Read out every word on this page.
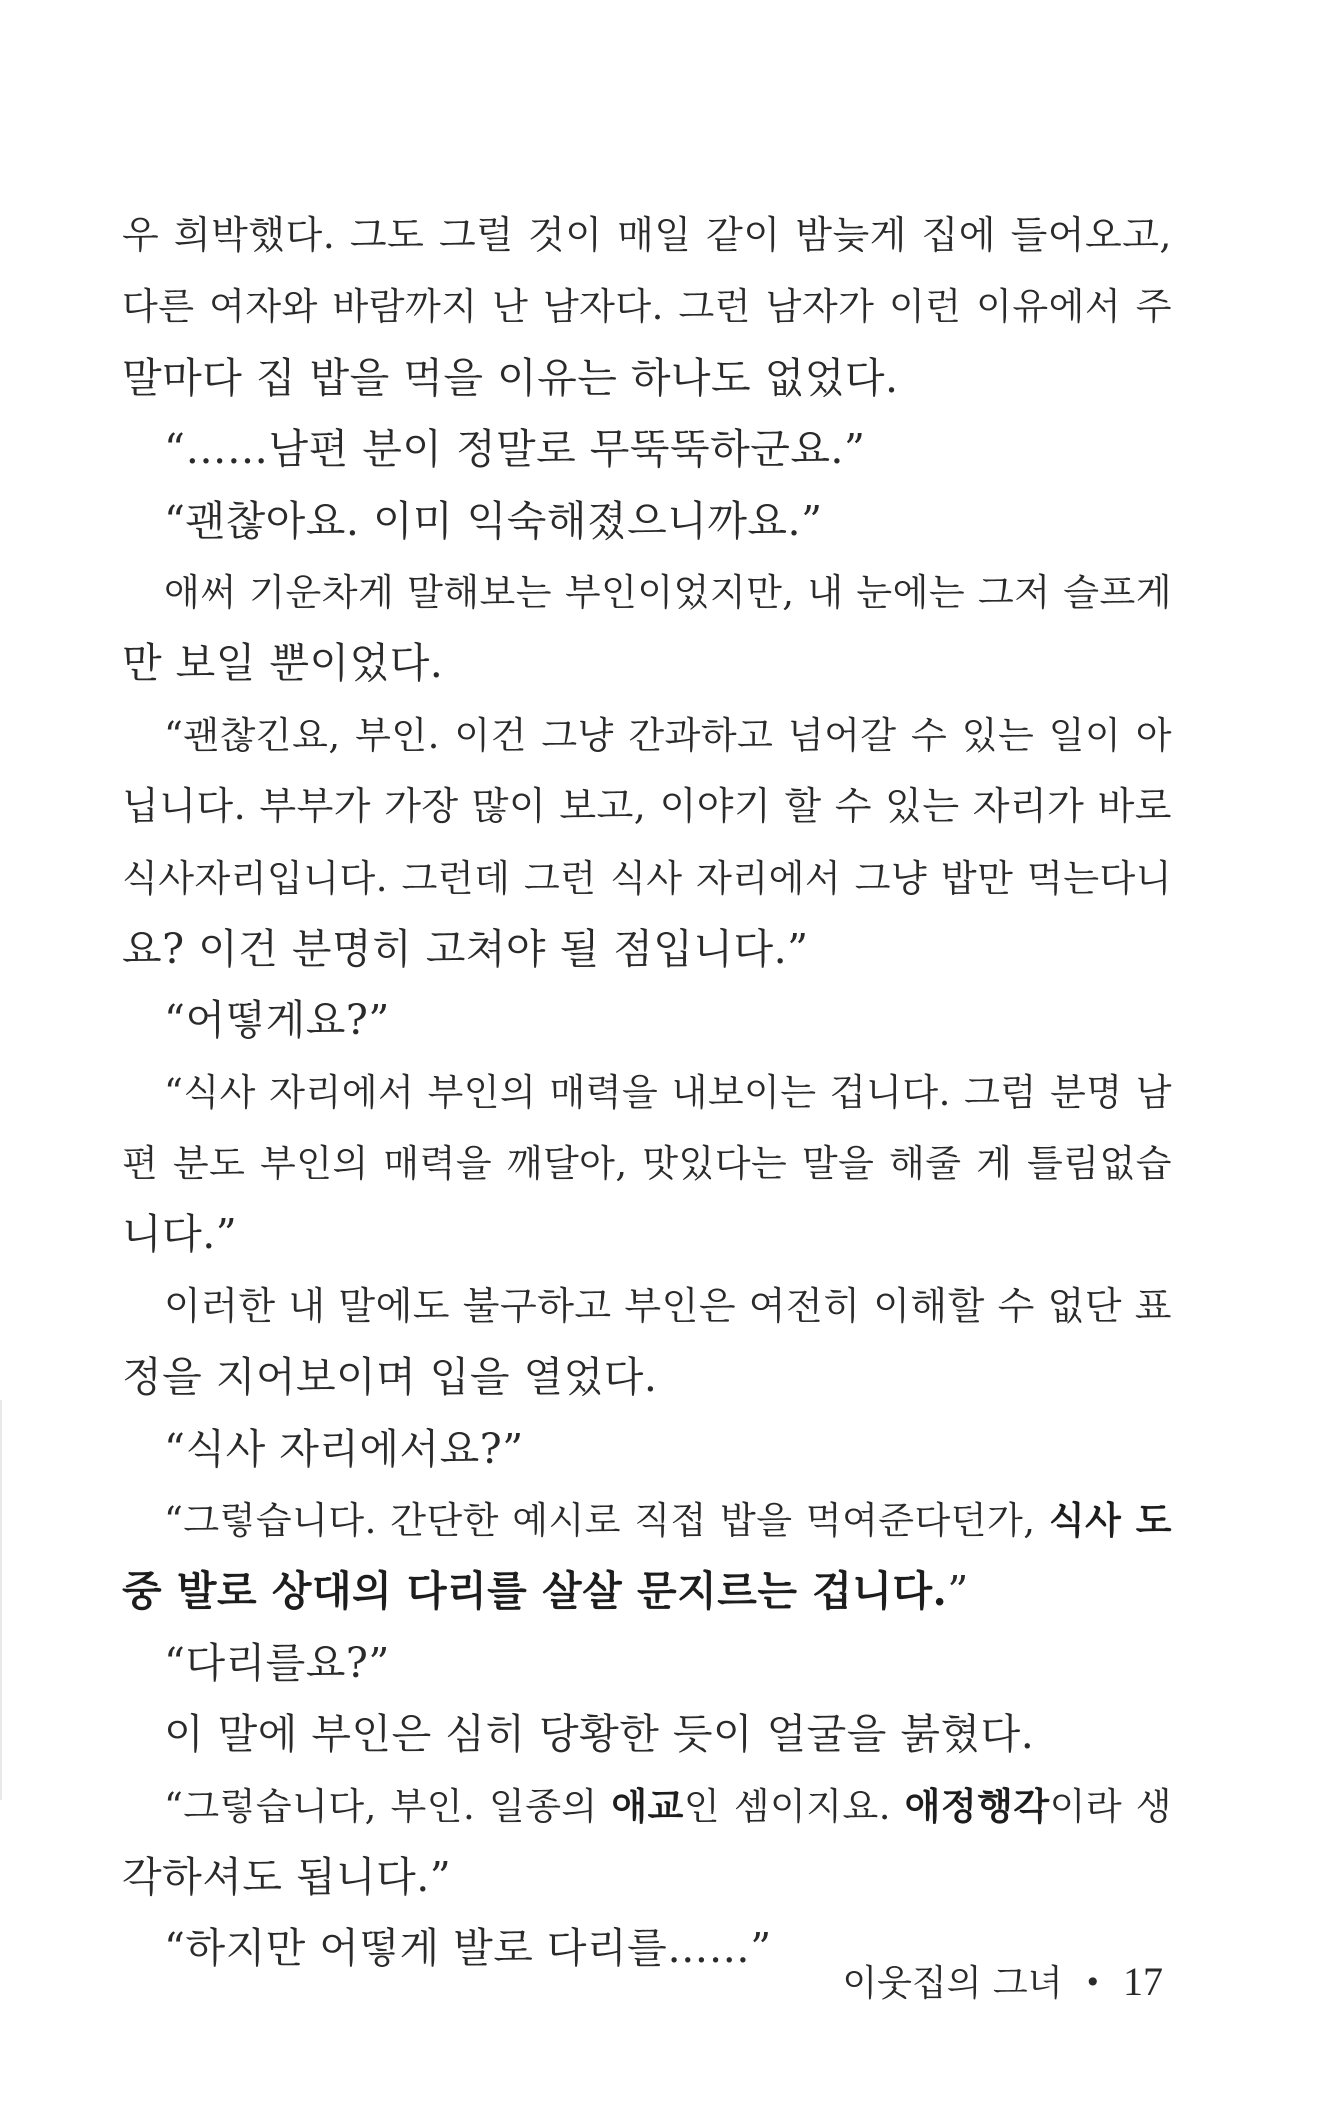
우 희박했다. 그도 그럴 것이 매일 같이 밤늦게 집에 들어오고,
다른 여자와 바람까지 난 남자다. 그런 남자가 이런 이유에서 주
말마다 집 밥을 먹을 이유는 하나도 없었다.
“……남편 분이 정말로 무뚝뚝하군요.”
“괜찮아요. 이미 익숙해졌으니까요.”
애써 기운차게 말해보는 부인이었지만, 내 눈에는 그저 슬프게
만 보일 뿐이었다.
“괜찮긴요, 부인. 이건 그냥 간과하고 넘어갈 수 있는 일이 아
닙니다. 부부가 가장 많이 보고, 이야기 할 수 있는 자리가 바로
식사자리입니다. 그런데 그런 식사 자리에서 그냥 밥만 먹는다니
요? 이건 분명히 고쳐야 될 점입니다.”
“어떻게요?”
“식사 자리에서 부인의 매력을 내보이는 겁니다. 그럼 분명 남
편 분도 부인의 매력을 깨달아, 맛있다는 말을 해줄 게 틀림없습
니다.”
이러한 내 말에도 불구하고 부인은 여전히 이해할 수 없단 표
정을 지어보이며 입을 열었다.
“식사 자리에서요?”
“그렇습니다. 간단한 예시로 직접 밥을 먹여준다던가, 식사 도
중 발로 상대의 다리를 살살 문지르는 겁니다.”
“다리를요?”
이 말에 부인은 심히 당황한 듯이 얼굴을 붉혔다.
“그렇습니다, 부인. 일종의 애교인 셈이지요. 애정행각이라 생
각하셔도 됩니다.”
“하지만 어떻게 발로 다리를……”
이웃집의 그녀 • 17
